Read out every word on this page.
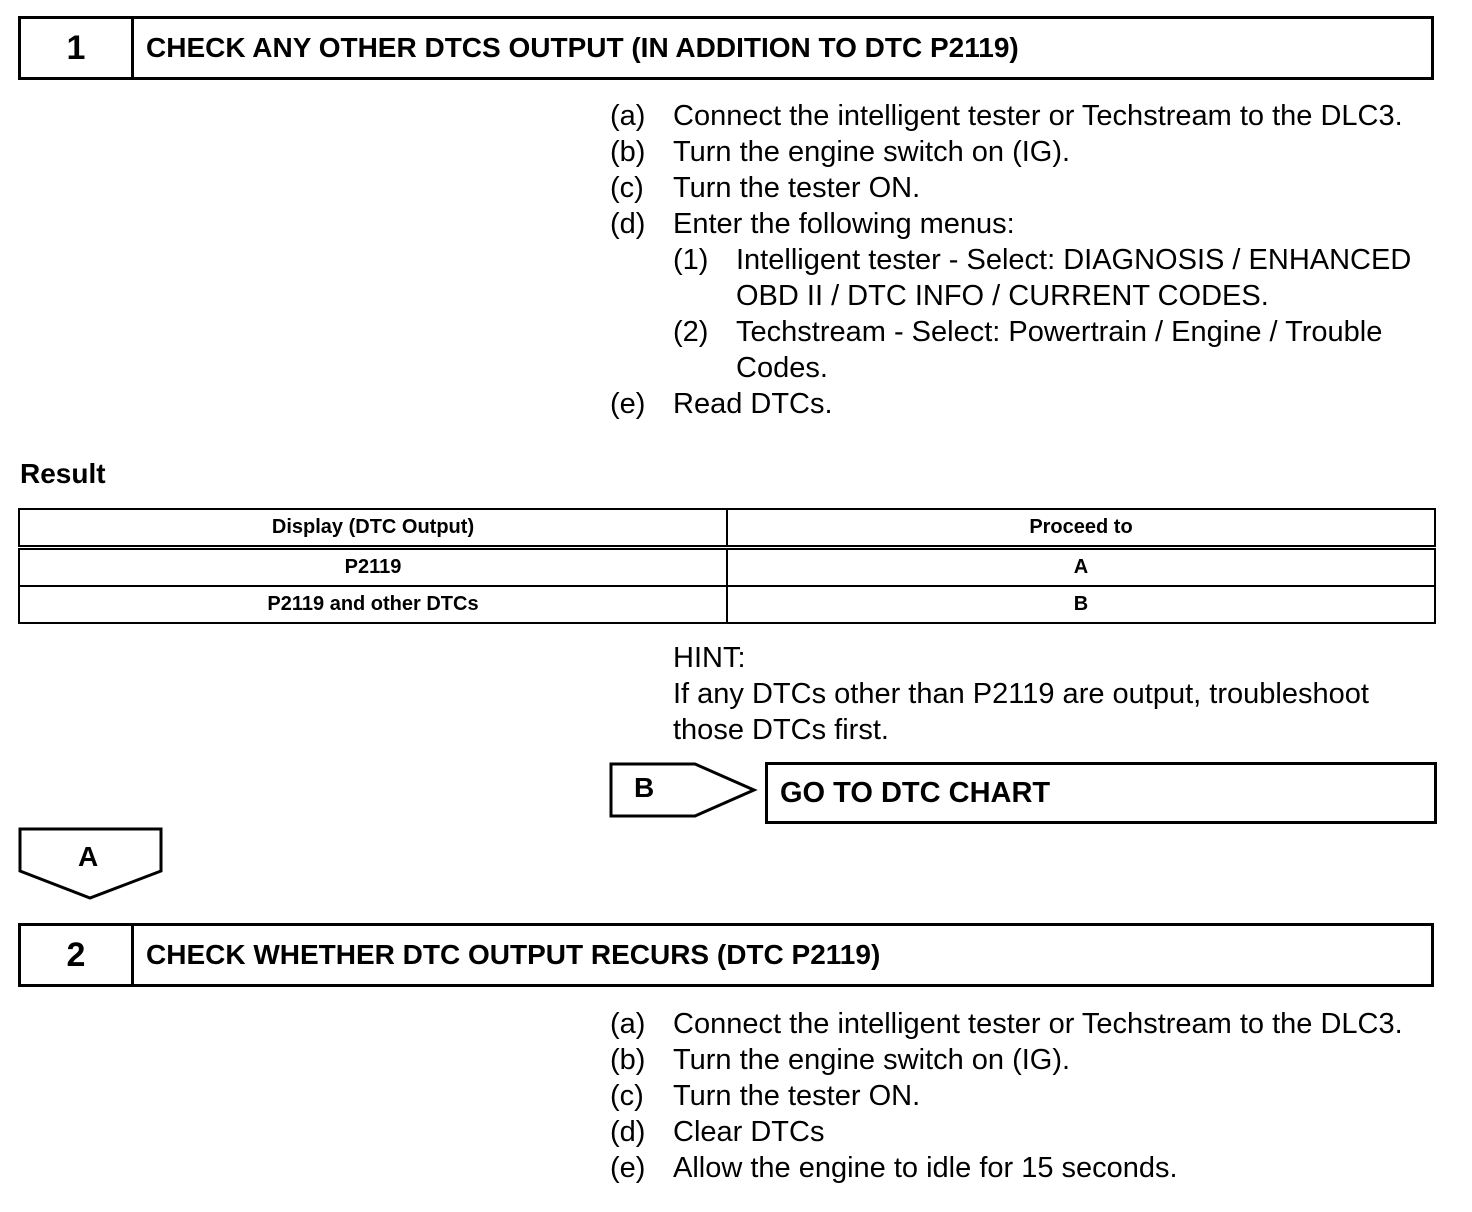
1	CHECK ANY OTHER DTCS OUTPUT (IN ADDITION TO DTC P2119)
(a) Connect the intelligent tester or Techstream to the DLC3.
(b) Turn the engine switch on (IG).
(c)	Turn the tester ON.
(d) Enter the following menus:
(1) Intelligent tester - Select: DIAGNOSIS / ENHANCED OBD II / DTC INFO / CURRENT CODES.
(2) Techstream - Select: Powertrain / Engine / Trouble Codes.
(e) Read DTCs.
Result
Display (DTC Output)	Proceed to
P2119	A
P2119 and other DTCs	B
HINT:
If any DTCs other than P2119 are output, troubleshoot those DTCs first.
B	GO TO DTC CHART
A
2	CHECK WHETHER DTC OUTPUT RECURS (DTC P2119)
(a) Connect the intelligent tester or Techstream to the DLC3.
(b) Turn the engine switch on (IG).
(c)	Turn the tester ON.
(d) Clear DTCs
(e) Allow the engine to idle for 15 seconds.
